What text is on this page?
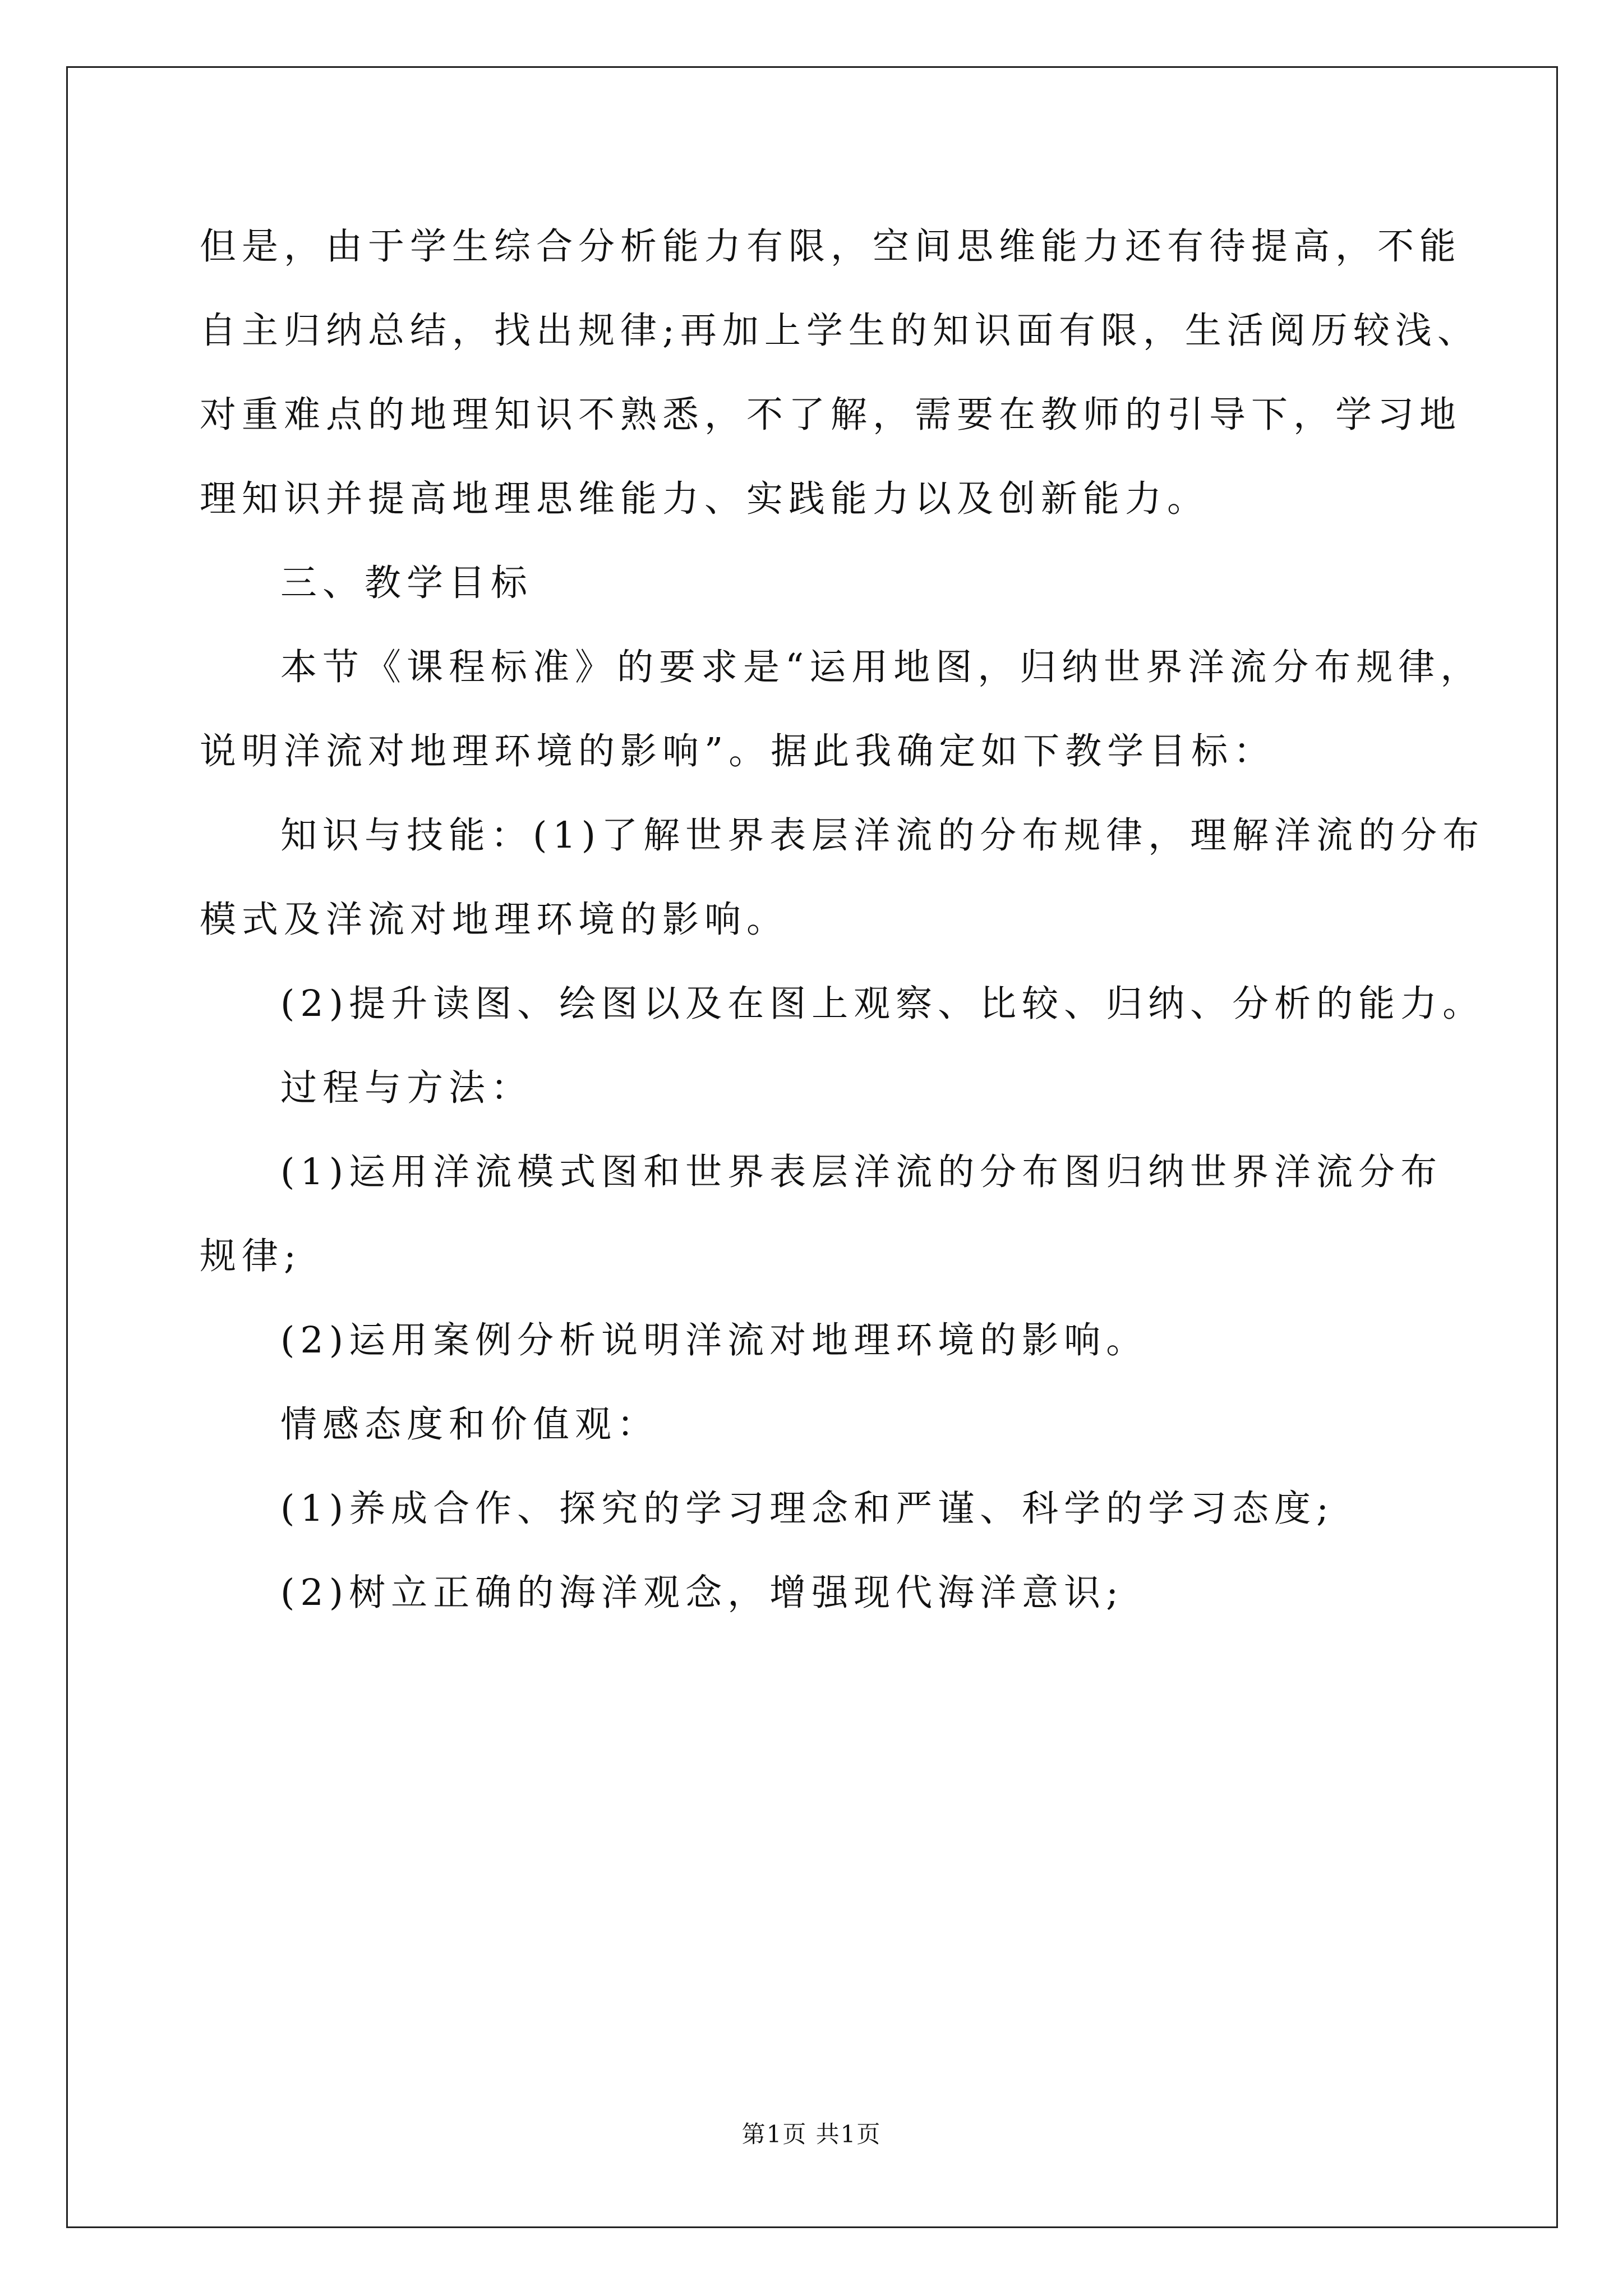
但是，由于学生综合分析能力有限，空间思维能力还有待提高，不能
自主归纳总结，找出规律;再加上学生的知识面有限，生活阅历较浅、
对重难点的地理知识不熟悉，不了解，需要在教师的引导下，学习地
理知识并提高地理思维能力、实践能力以及创新能力。
三、教学目标
本节《课程标准》的要求是“运用地图，归纳世界洋流分布规律，
说明洋流对地理环境的影响”。据此我确定如下教学目标：
知识与技能：(1)了解世界表层洋流的分布规律，理解洋流的分布
模式及洋流对地理环境的影响。
(2)提升读图、绘图以及在图上观察、比较、归纳、分析的能力。
过程与方法：
(1)运用洋流模式图和世界表层洋流的分布图归纳世界洋流分布
规律;
(2)运用案例分析说明洋流对地理环境的影响。
情感态度和价值观：
(1)养成合作、探究的学习理念和严谨、科学的学习态度;
(2)树立正确的海洋观念，增强现代海洋意识;
第1页 共1页
